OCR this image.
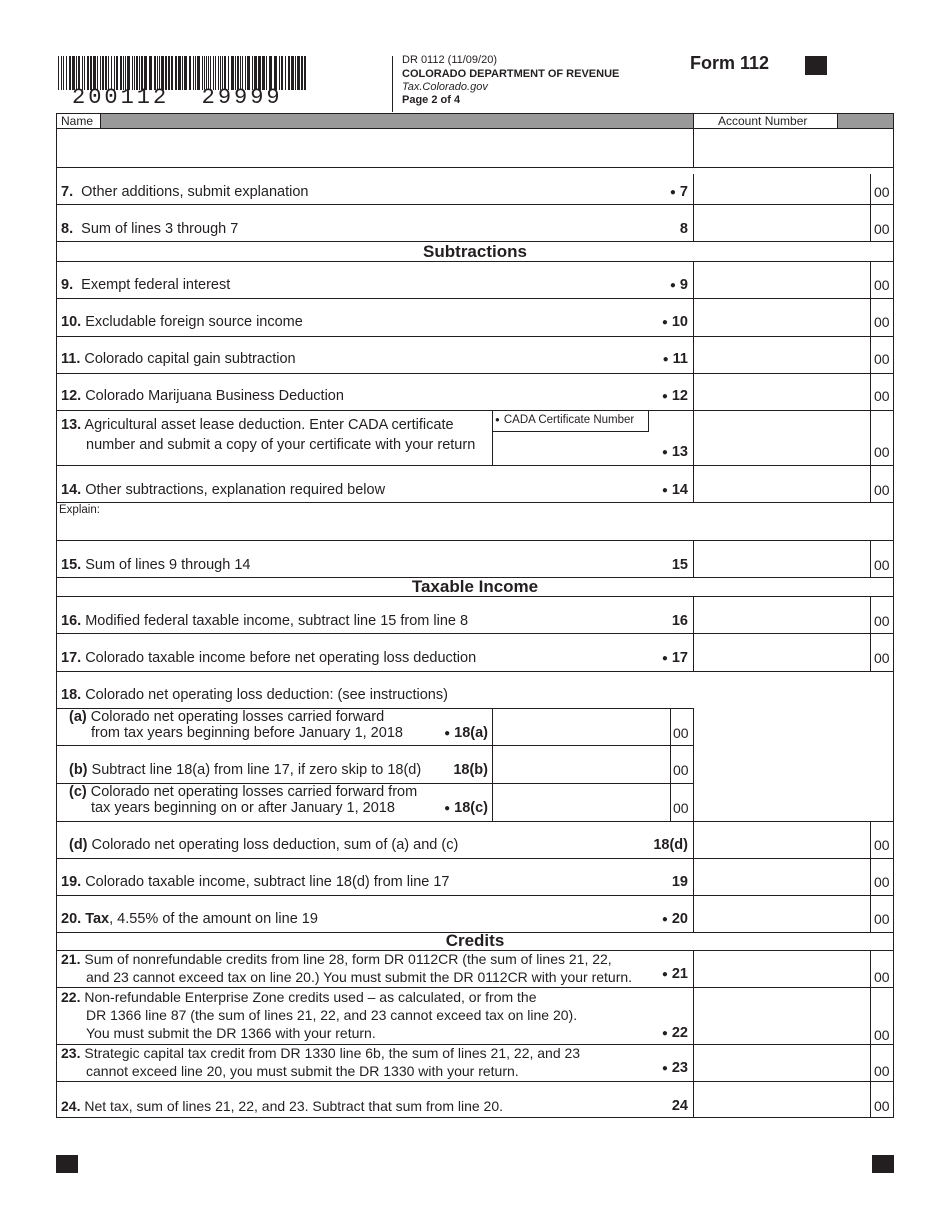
200112  29999
DR 0112 (11/09/20)
COLORADO DEPARTMENT OF REVENUE
Tax.Colorado.gov
Page 2 of 4
Form 112
Name	Account Number
Subtractions
Taxable Income
Credits
7. Other additions, submit explanation	● 7	00
8. Sum of lines 3 through 7	8	00
9. Exempt federal interest	● 9	00
10. Excludable foreign source income	● 10	00
11. Colorado capital gain subtraction	● 11	00
12. Colorado Marijuana Business Deduction	● 12	00
13. Agricultural asset lease deduction. Enter CADA certificate
number and submit a copy of your certificate with your return
● CADA Certificate Number
● 13	00
14. Other subtractions, explanation required below	● 14	00
Explain:
15. Sum of lines 9 through 14	15	00
16. Modified federal taxable income, subtract line 15 from line 8	16	00
17. Colorado taxable income before net operating loss deduction	● 17	00
18. Colorado net operating loss deduction: (see instructions)
(a) Colorado net operating losses carried forward
from tax years beginning before January 1, 2018	● 18(a)	00
(b) Subtract line 18(a) from line 17, if zero skip to 18(d) 18(b)	00
(c) Colorado net operating losses carried forward from
tax years beginning on or after January 1, 2018	● 18(c)	00
(d) Colorado net operating loss deduction, sum of (a) and (c)	18(d)	00
19. Colorado taxable income, subtract line 18(d) from line 17	19	00
20. Tax, 4.55% of the amount on line 19	● 20	00
21. Sum of nonrefundable credits from line 28, form DR 0112CR (the sum of lines 21, 22,
and 23 cannot exceed tax on line 20.) You must submit the DR 0112CR with your return.	● 21	00
22. Non-refundable Enterprise Zone credits used – as calculated, or from the
DR 1366 line 87 (the sum of lines 21, 22, and 23 cannot exceed tax on line 20).
You must submit the DR 1366 with your return.	● 22	00
23. Strategic capital tax credit from DR 1330 line 6b, the sum of lines 21, 22, and 23
cannot exceed line 20, you must submit the DR 1330 with your return.	● 23	00
24. Net tax, sum of lines 21, 22, and 23. Subtract that sum from line 20.	24	00
